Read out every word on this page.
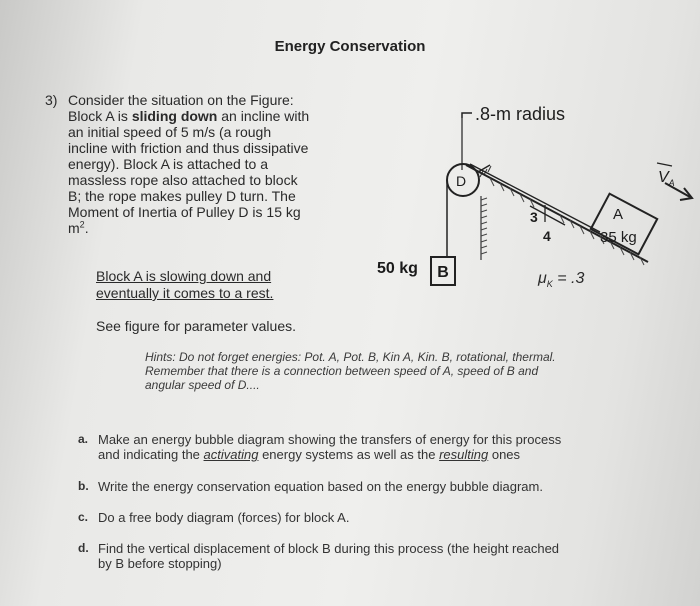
Energy Conservation
3) Consider the situation on the Figure:
Block A is sliding down an incline with
an initial speed of 5 m/s (a rough
incline with friction and thus dissipative
energy). Block A is attached to a
massless rope also attached to block
B; the rope makes pulley D turn. The
Moment of Inertia of Pulley D is 15 kg
$m^2$.
Block A is slowing down and
eventually it comes to a rest.
See figure for parameter values.
Hints: Do not forget energies: Pot. A, Pot. B, Kin A, Kin. B, rotational, thermal.
Remember that there is a connection between speed of A, speed of B and
angular speed of D....
D
3
4
A
35 kg
$V_A$
.8-m radius
50 kg	B	$\mu_K = .3$
a. Make an energy bubble diagram showing the transfers of energy for this process
and indicating the activating energy systems as well as the resulting ones
b. Write the energy conservation equation based on the energy bubble diagram.
c. Do a free body diagram (forces) for block A.
d. Find the vertical displacement of block B during this process (the height reached
by B before stopping)
